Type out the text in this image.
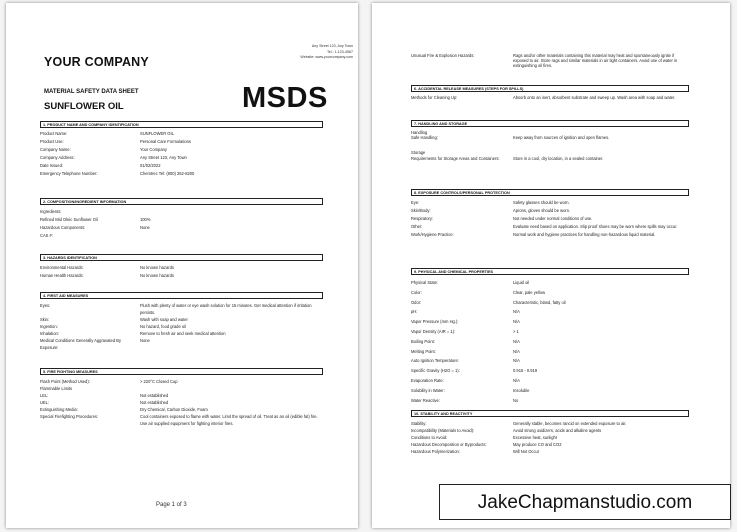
YOUR COMPANY
Any Street 123, Any Town
Tel.: 1-123-4567
Website: www.yourcompany.com
MSDS
MATERIAL SAFETY DATA SHEET
SUNFLOWER OIL
1. PRODUCT NAME AND COMPANY IDENTIFICATION
Product Name:	SUNFLOWER OIL
Product Use:	Personal Care Formulations
Company Name:	Your Company
Company Address:	Any Street 123, Any Town
Date Issued:	01/02/2022
Emergency Telephone Number:	Chemtrec Tel: (800) 262-8200
2. COMPOSITION/INGREDIENT INFORMATION
Ingredients:
Refined Mid Oleic Sunflower Oil	100%
Hazardous Components:	None
CAS #:
3. HAZARDS IDENTIFICATION
Environmental Hazards:	No known hazards
Human Health Hazards:	No known hazards
4. FIRST AID MEASURES
Eyes:	Flush with plenty of water or eye wash solution for 15 minutes. Get medical attention if irritation persists.
Skin:	Wash with soap and water
Ingestion:	No hazard, food grade oil
Inhalation:	Remove to fresh air and seek medical attention
Medical Conditions Generally Aggravated By Exposure:
None
5. FIRE FIGHTING MEASURES
Flash Point (Method Used):	> 220°C Closed Cup
Flammable Limits
LEL:	Not established
UEL:	Not established
Extinguishing Media:	Dry Chemical, Carbon Dioxide, Foam
Special Firefighting Procedures:	Cool containers exposed to flame with water. Limit the spread of oil. Treat as an oil (edible fat) fire. Use air supplied equipment for fighting interior fires.
Page 1 of 3
Unusual Fire & Explosion Hazards:	Rags and/or other materials containing this material may heat and spontaneously ignite if exposed to air. Store rags and similar materials in air tight containers. Avoid use of water in extinguishing oil fires.
6. ACCIDENTAL RELEASE MEASURES (STEPS FOR SPILLS)
Methods for Cleaning Up:	Absorb onto an inert, absorbent substrate and sweep up. Wash area with soap and water.
7. HANDLING AND STORAGE
Handling
Safe Handling:	Keep away from sources of ignition and open flames.
Storage
Requirements for Storage Areas and Containers:	Store in a cool, dry location, in a sealed container.
8. EXPOSURE CONTROLS/PERSONAL PROTECTION
Eye:	Safety glasses should be worn.
Skin/Body:	Aprons, gloves should be worn.
Respiratory:	Not needed under normal conditions of use.
Other:	Evaluate need based on application. Slip proof shoes may be worn where spills may occur.
Work/Hygiene Practice:	Normal work and hygiene practices for handling non-hazardous liquid material.
9. PHYSICAL AND CHEMICAL PROPERTIES
Physical State:	Liquid oil
Color:	Clear, pale yellow
Odor:	Characteristic, bland, fatty oil
pH:	N/A
Vapor Pressure (mm Hg.):	N/A
Vapor Density (AIR = 1):	> 1
Boiling Point:	N/A
Melting Point:	N/A
Auto Ignition Temperature:	N/A
Specific Gravity (H2O = 1):	0.915 - 0.919
Evaporation Rate:	N/A
Solubility in Water:	Insoluble
Water Reactive:	No
10. STABILITY AND REACTIVITY
Stability:	Generally stable, becomes rancid on extended exposure to air.
Incompatibility (Materials to Avoid):	Avoid strong oxidizers, acids and alkaline agents
Conditions to Avoid:	Excessive heat, sunlight
Hazardous Decomposition or Byproducts:	May produce CO and CO2
Hazardous Polymerization:	Will Not Occur
JakeChapmanstudio.com
